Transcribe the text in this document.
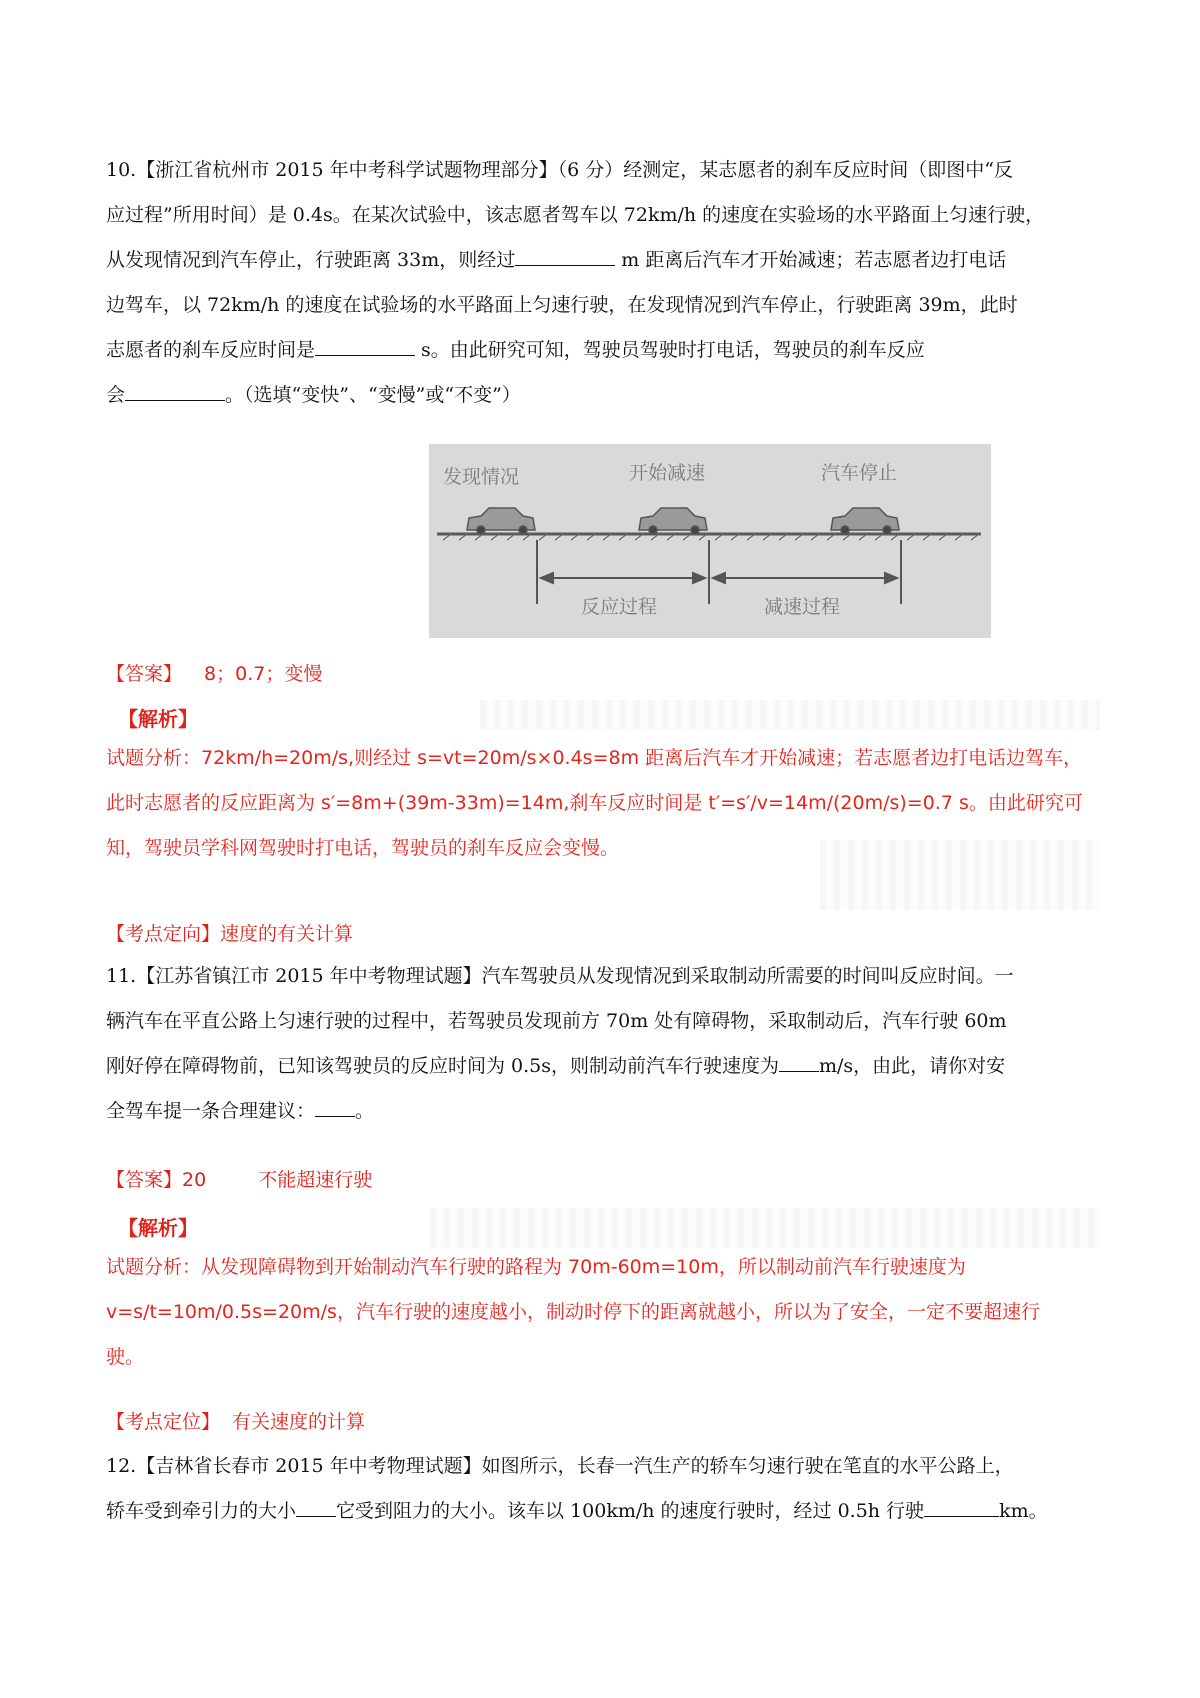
10.【浙江省杭州市 2015 年中考科学试题物理部分】（6 分）经测定，某志愿者的刹车反应时间（即图中“反
应过程”所用时间）是 0.4s。在某次试验中，该志愿者驾车以 72km/h 的速度在实验场的水平路面上匀速行驶，
从发现情况到汽车停止，行驶距离 33m，则经过	m 距离后汽车才开始减速；若志愿者边打电话
边驾车，以 72km/h 的速度在试验场的水平路面上匀速行驶，在发现情况到汽车停止，行驶距离 39m，此时
志愿者的刹车反应时间是	s。由此研究可知，驾驶员驾驶时打电话，驾驶员的刹车反应
会	。（选填“变快”、“变慢”或“不变”）
发现情况	开始减速	汽车停止
反应过程	减速过程
【答案】 8；0.7；变慢
【解析】
试题分析：72km/h=20m/s,则经过 s=vt=20m/s×0.4s=8m 距离后汽车才开始减速；若志愿者边打电话边驾车，
此时志愿者的反应距离为 s′=8m+(39m-33m)=14m,刹车反应时间是 t′=s′/v=14m/(20m/s)=0.7 s。由此研究可
知，驾驶员学科网驾驶时打电话，驾驶员的刹车反应会变慢。
【考点定向】速度的有关计算
11.【江苏省镇江市 2015 年中考物理试题】汽车驾驶员从发现情况到采取制动所需要的时间叫反应时间。一
辆汽车在平直公路上匀速行驶的过程中，若驾驶员发现前方 70m 处有障碍物，采取制动后，汽车行驶 60m
刚好停在障碍物前，已知该驾驶员的反应时间为 0.5s，则制动前汽车行驶速度为 m/s，由此，请你对安
全驾车提一条合理建议： 。
【答案】20	不能超速行驶
【解析】
试题分析：从发现障碍物到开始制动汽车行驶的路程为 70m-60m=10m，所以制动前汽车行驶速度为
v=s/t=10m/0.5s=20m/s，汽车行驶的速度越小，制动时停下的距离就越小，所以为了安全，一定不要超速行
驶。
【考点定位】 有关速度的计算
12.【吉林省长春市 2015 年中考物理试题】如图所示，长春一汽生产的轿车匀速行驶在笔直的水平公路上，
轿车受到牵引力的大小 它受到阻力的大小。该车以 100km/h 的速度行驶时，经过 0.5h 行驶	km。
